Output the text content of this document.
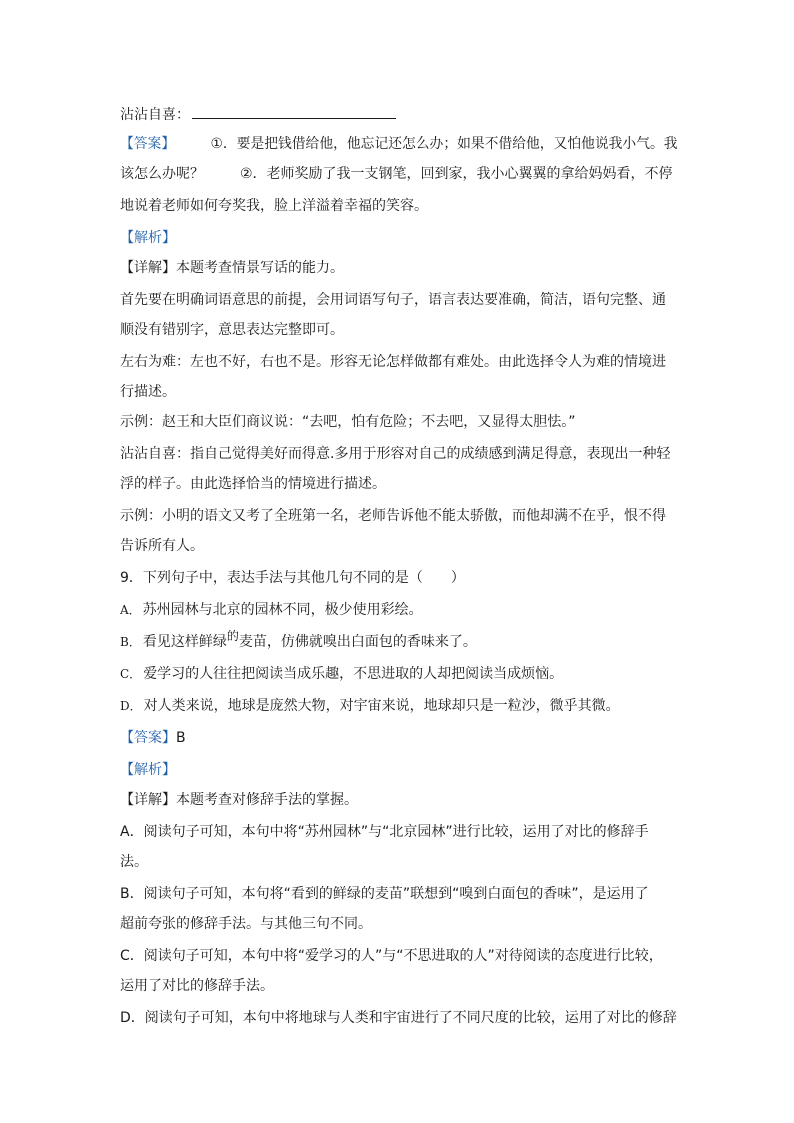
沾沾自喜：
【答案】	①．要是把钱借给他，他忘记还怎么办；如果不借给他，又怕他说我小气。我
该怎么办呢？	②．老师奖励了我一支钢笔，回到家，我小心翼翼的拿给妈妈看，不停
地说着老师如何夸奖我，脸上洋溢着幸福的笑容。
【解析】
【详解】本题考查情景写话的能力。
首先要在明确词语意思的前提，会用词语写句子，语言表达要准确，简洁，语句完整、通
顺没有错别字，意思表达完整即可。
左右为难：左也不好，右也不是。形容无论怎样做都有难处。由此选择令人为难的情境进
行描述。
示例：赵王和大臣们商议说：“去吧，怕有危险；不去吧，又显得太胆怯。”
沾沾自喜：指自己觉得美好而得意.多用于形容对自己的成绩感到满足得意，表现出一种轻
浮的样子。由此选择恰当的情境进行描述。
示例：小明的语文又考了全班第一名，老师告诉他不能太骄傲，而他却满不在乎，恨不得
告诉所有人。
9．下列句子中，表达手法与其他几句不同的是（　　）
A． 苏州园林与北京的园林不同，极少使用彩绘。
B． 看见这样鲜绿的麦苗，仿佛就嗅出白面包的香味来了。
C． 爱学习的人往往把阅读当成乐趣，不思进取的人却把阅读当成烦恼。
D． 对人类来说，地球是庞然大物，对宇宙来说，地球却只是一粒沙，微乎其微。
【答案】B
【解析】
【详解】本题考查对修辞手法的掌握。
A．阅读句子可知，本句中将“苏州园林”与“北京园林”进行比较，运用了对比的修辞手
法。
B．阅读句子可知，本句将“看到的鲜绿的麦苗”联想到“嗅到白面包的香味”，是运用了
超前夸张的修辞手法。与其他三句不同。
C．阅读句子可知，本句中将“爱学习的人”与“不思进取的人”对待阅读的态度进行比较，
运用了对比的修辞手法。
D．阅读句子可知，本句中将地球与人类和宇宙进行了不同尺度的比较，运用了对比的修辞
